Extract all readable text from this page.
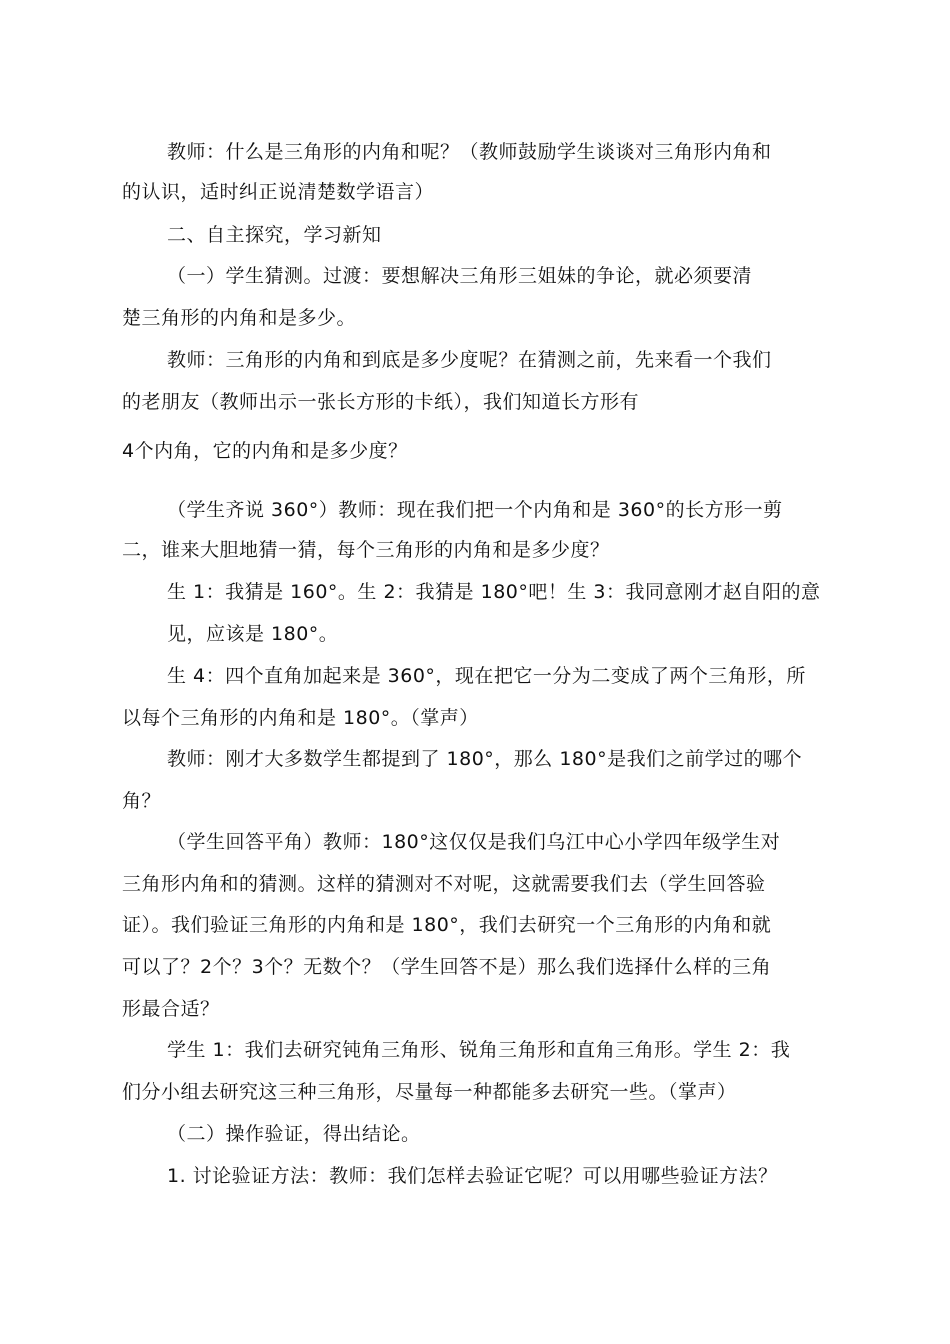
教师：什么是三角形的内角和呢？（教师鼓励学生谈谈对三角形内角和
的认识，适时纠正说清楚数学语言）
二、自主探究，学习新知
（一）学生猜测。过渡：要想解决三角形三姐妹的争论，就必须要清
楚三角形的内角和是多少。
教师：三角形的内角和到底是多少度呢？在猜测之前，先来看一个我们
的老朋友（教师出示一张长方形的卡纸），我们知道长方形有
4个内角，它的内角和是多少度？
（学生齐说 360°）教师：现在我们把一个内角和是 360°的长方形一剪
二，谁来大胆地猜一猜，每个三角形的内角和是多少度？
生 1：我猜是 160°。生 2：我猜是 180°吧！生 3：我同意刚才赵自阳的意
见，应该是 180°。
生 4：四个直角加起来是 360°，现在把它一分为二变成了两个三角形，所
以每个三角形的内角和是 180°。（掌声）
教师：刚才大多数学生都提到了 180°，那么 180°是我们之前学过的哪个
角？
（学生回答平角）教师：180°这仅仅是我们乌江中心小学四年级学生对
三角形内角和的猜测。这样的猜测对不对呢，这就需要我们去（学生回答验
证）。我们验证三角形的内角和是 180°，我们去研究一个三角形的内角和就
可以了？2个？3个？无数个？（学生回答不是）那么我们选择什么样的三角
形最合适？
学生 1：我们去研究钝角三角形、锐角三角形和直角三角形。学生 2：我
们分小组去研究这三种三角形，尽量每一种都能多去研究一些。（掌声）
（二）操作验证，得出结论。
1. 讨论验证方法：教师：我们怎样去验证它呢？可以用哪些验证方法？
